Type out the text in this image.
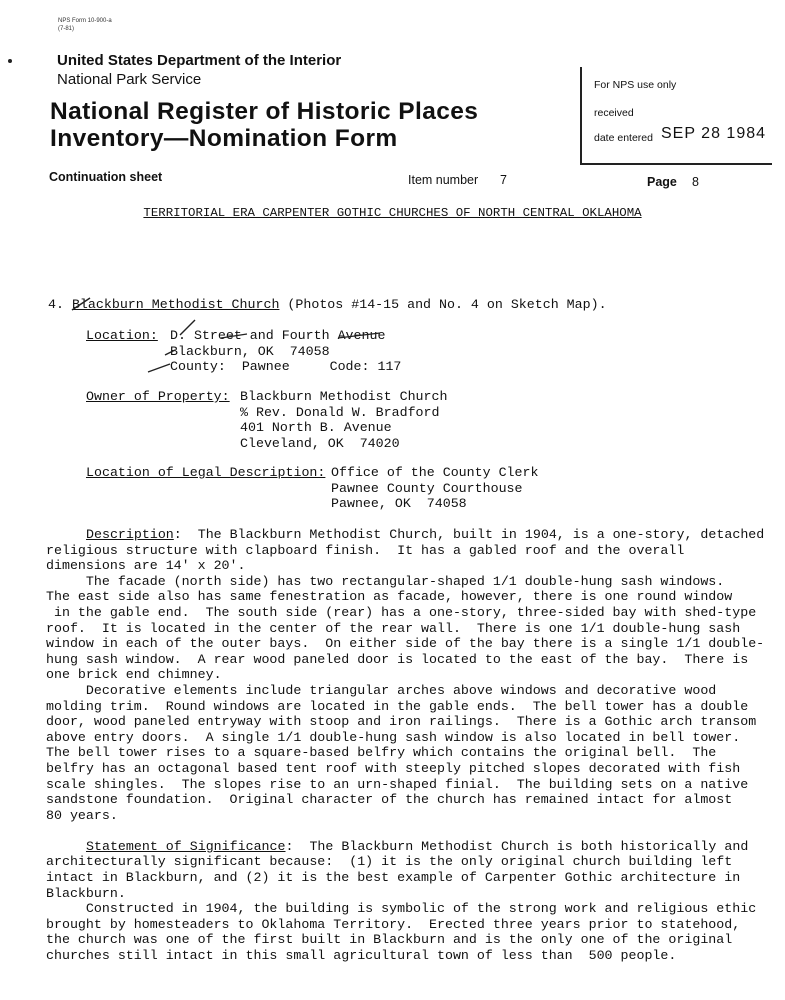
NPS Form 10-900-a
(7-81)
United States Department of the Interior
National Park Service
National Register of Historic Places
Inventory—Nomination Form
For NPS use only
received
date entered SEP 28 1984
Continuation sheet	Item number 7	Page 8
TERRITORIAL ERA CARPENTER GOTHIC CHURCHES OF NORTH CENTRAL OKLAHOMA
4. Blackburn Methodist Church (Photos #14-15 and No. 4 on Sketch Map).
Location: D. Street and Fourth Avenue
Blackburn, OK  74058
County:  Pawnee     Code: 117
Owner of Property: Blackburn Methodist Church
% Rev. Donald W. Bradford
401 North B. Avenue
Cleveland, OK  74020
Location of Legal Description: Office of the County Clerk
Pawnee County Courthouse
Pawnee, OK  74058
Description:  The Blackburn Methodist Church, built in 1904, is a one-story, detached
religious structure with clapboard finish.  It has a gabled roof and the overall
dimensions are 14' x 20'.
The facade (north side) has two rectangular-shaped 1/1 double-hung sash windows.
The east side also has same fenestration as facade, however, there is one round window
in the gable end.  The south side (rear) has a one-story, three-sided bay with shed-type
roof.  It is located in the center of the rear wall.  There is one 1/1 double-hung sash
window in each of the outer bays.  On either side of the bay there is a single 1/1 double-
hung sash window.  A rear wood paneled door is located to the east of the bay.  There is
one brick end chimney.
Decorative elements include triangular arches above windows and decorative wood
molding trim.  Round windows are located in the gable ends.  The bell tower has a double
door, wood paneled entryway with stoop and iron railings.  There is a Gothic arch transom
above entry doors.  A single 1/1 double-hung sash window is also located in bell tower.
The bell tower rises to a square-based belfry which contains the original bell.  The
belfry has an octagonal based tent roof with steeply pitched slopes decorated with fish
scale shingles.  The slopes rise to an urn-shaped finial.  The building sets on a native
sandstone foundation.  Original character of the church has remained intact for almost
80 years.

Statement of Significance:  The Blackburn Methodist Church is both historically and
architecturally significant because:  (1) it is the only original church building left
intact in Blackburn, and (2) it is the best example of Carpenter Gothic architecture in
Blackburn.
Constructed in 1904, the building is symbolic of the strong work and religious ethic
brought by homesteaders to Oklahoma Territory.  Erected three years prior to statehood,
the church was one of the first built in Blackburn and is the only one of the original
churches still intact in this small agricultural town of less than  500 people.
